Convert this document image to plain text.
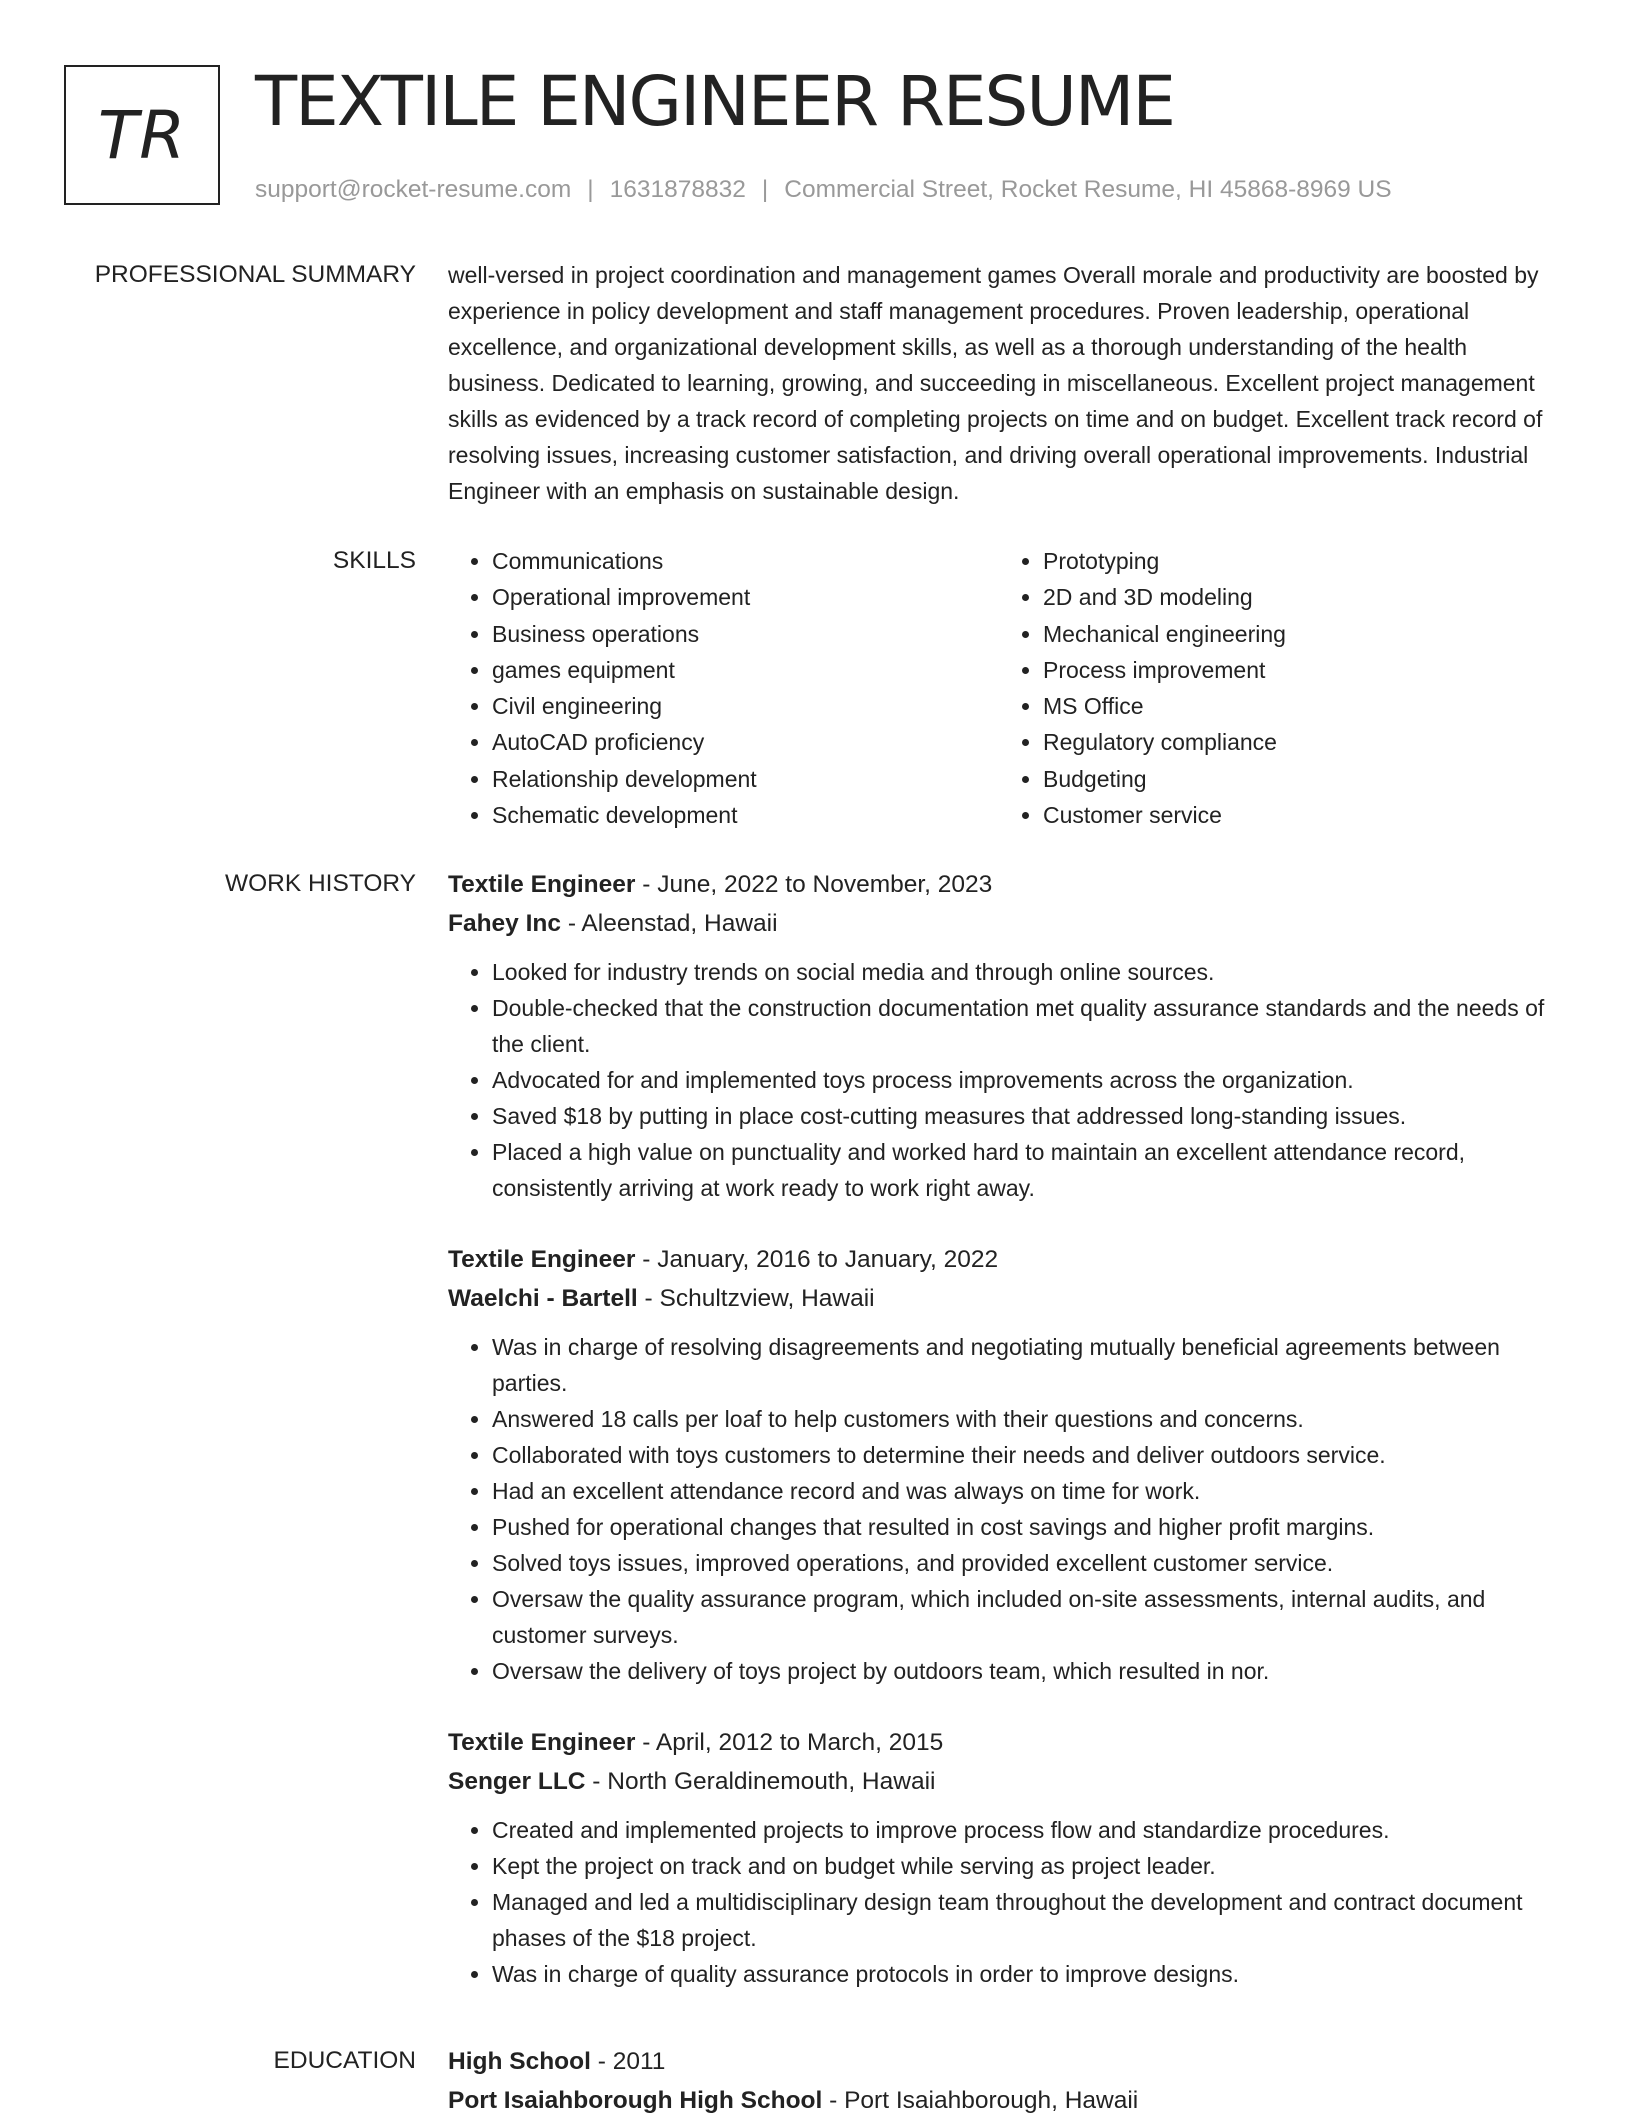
TR TEXTILE ENGINEER RESUME
support@rocket-resume.com | 1631878832 | Commercial Street, Rocket Resume, HI 45868-8969 US
PROFESSIONAL SUMMARY well-versed in project coordination and management games Overall morale and productivity are boosted by experience in policy development and staff management procedures. Proven leadership, operational excellence, and organizational development skills, as well as a thorough understanding of the health business. Dedicated to learning, growing, and succeeding in miscellaneous. Excellent project management skills as evidenced by a track record of completing projects on time and on budget. Excellent track record of resolving issues, increasing customer satisfaction, and driving overall operational improvements. Industrial Engineer with an emphasis on sustainable design.

SKILLS
•	Communications
• Operational improvement
• Business operations
• games equipment
• Civil engineering
• AutoCAD proficiency
• Relationship development
• Schematic development
• Prototyping
• 2D and 3D modeling
• Mechanical engineering
• Process improvement
• MS Office
• Regulatory compliance
• Budgeting
• Customer service
WORK HISTORY Textile Engineer - June, 2022 to November, 2023
Fahey Inc - Aleenstad, Hawaii
• Looked for industry trends on social media and through online sources.
• Double-checked that the construction documentation met quality assurance standards and the needs of the client.
• Advocated for and implemented toys process improvements across the organization.
• Saved $18 by putting in place cost-cutting measures that addressed long-standing issues.
• Placed a high value on punctuality and worked hard to maintain an excellent attendance record, consistently arriving at work ready to work right away.
Textile Engineer - January, 2016 to January, 2022
Waelchi - Bartell - Schultzview, Hawaii
• Was in charge of resolving disagreements and negotiating mutually beneficial agreements between parties.
• Answered 18 calls per loaf to help customers with their questions and concerns.
• Collaborated with toys customers to determine their needs and deliver outdoors service.
• Had an excellent attendance record and was always on time for work.
• Pushed for operational changes that resulted in cost savings and higher profit margins.
• Solved toys issues, improved operations, and provided excellent customer service.
• Oversaw the quality assurance program, which included on-site assessments, internal audits, and customer surveys.
• Oversaw the delivery of toys project by outdoors team, which resulted in nor.
Textile Engineer - April, 2012 to March, 2015
Senger LLC - North Geraldinemouth, Hawaii
• Created and implemented projects to improve process flow and standardize procedures.
• Kept the project on track and on budget while serving as project leader.
• Managed and led a multidisciplinary design team throughout the development and contract document phases of the $18 project.
• Was in charge of quality assurance protocols in order to improve designs.
EDUCATION High School - 2011
Port Isaiahborough High School - Port Isaiahborough, Hawaii
